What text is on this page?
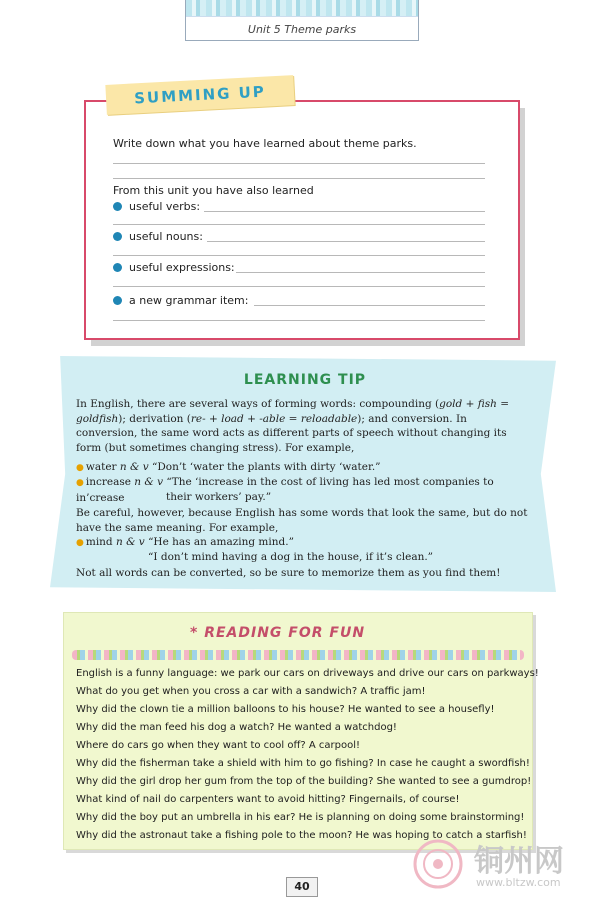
Unit 5 Theme parks
SUMMING UP
Write down what you have learned about theme parks.
From this unit you have also learned
useful verbs:
useful nouns:
useful expressions:
a new grammar item:
LEARNING TIP
In English, there are several ways of forming words: compounding (gold + fish = goldfish); derivation (re- + load + -able = reloadable); and conversion. In conversion, the same word acts as different parts of speech without changing its form (but sometimes changing stress). For example,
● water n & v “Don’t ‘water the plants with dirty ‘water.”
● increase n & v “The ‘increase in the cost of living has led most companies to in’crease	their workers’ pay.”
Be careful, however, because English has some words that look the same, but do not have the same meaning. For example,
● mind n & v “He has an amazing mind.”
“I don’t mind having a dog in the house, if it’s clean.”
Not all words can be converted, so be sure to memorize them as you find them!
* READING FOR FUN
English is a funny language: we park our cars on driveways and drive our cars on parkways!
What do you get when you cross a car with a sandwich? A traffic jam!
Why did the clown tie a million balloons to his house? He wanted to see a housefly!
Why did the man feed his dog a watch? He wanted a watchdog!
Where do cars go when they want to cool off? A carpool!
Why did the fisherman take a shield with him to go fishing? In case he caught a swordfish!
Why did the girl drop her gum from the top of the building? She wanted to see a gumdrop!
What kind of nail do carpenters want to avoid hitting? Fingernails, of course!
Why did the boy put an umbrella in his ear? He is planning on doing some brainstorming!
Why did the astronaut take a fishing pole to the moon? He was hoping to catch a starfish!
40
铜州网
www.bltzw.com
